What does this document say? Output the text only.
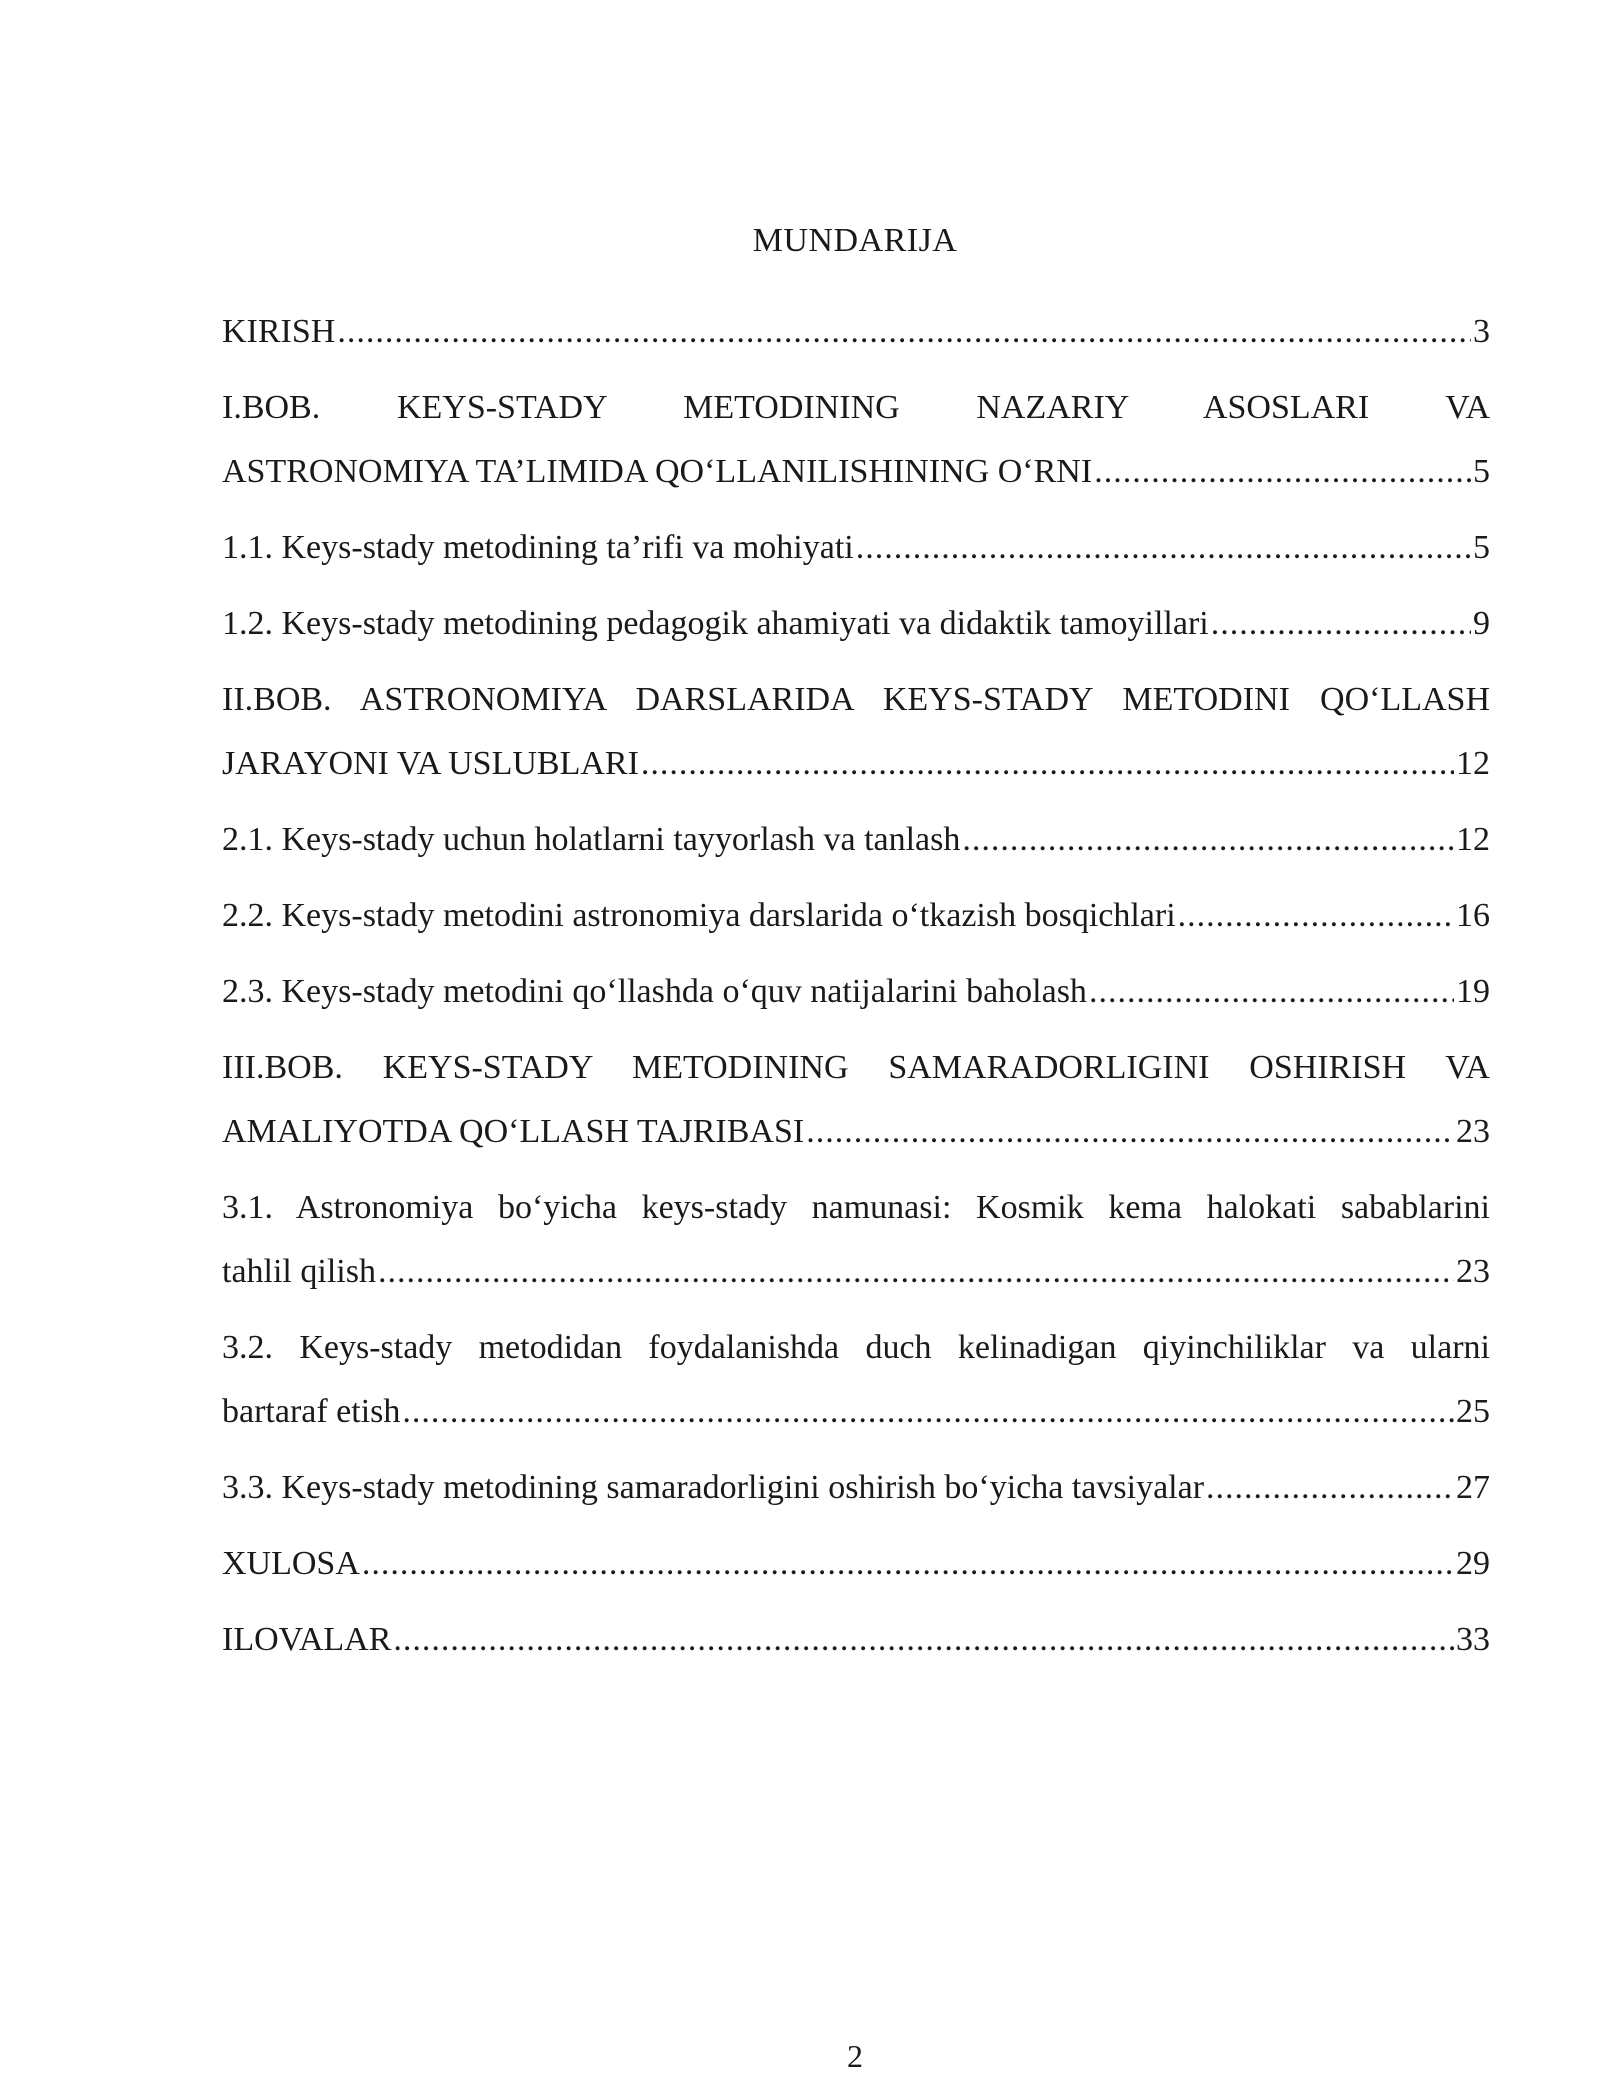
MUNDARIJA
KIRISH .....	3
I.BOB. KEYS-STADY METODINING NAZARIY ASOSLARI VA
ASTRONOMIYA TA’LIMIDA QO‘LLANILISHINING O‘RNI .....	5
1.1. Keys-stady metodining ta’rifi va mohiyati .....	5
1.2. Keys-stady metodining pedagogik ahamiyati va didaktik tamoyillari .....	9
II.BOB. ASTRONOMIYA DARSLARIDA KEYS-STADY METODINI QO‘LLASH
JARAYONI VA USLUBLARI .....	12
2.1. Keys-stady uchun holatlarni tayyorlash va tanlash .....	12
2.2. Keys-stady metodini astronomiya darslarida o‘tkazish bosqichlari .....	16
2.3. Keys-stady metodini qo‘llashda o‘quv natijalarini baholash .....	19
III.BOB. KEYS-STADY METODINING SAMARADORLIGINI OSHIRISH VA
AMALIYOTDA QO‘LLASH TAJRIBASI .....	23
3.1. Astronomiya bo‘yicha keys-stady namunasi: Kosmik kema halokati sabablarini
tahlil qilish .....	23
3.2. Keys-stady metodidan foydalanishda duch kelinadigan qiyinchiliklar va ularni
bartaraf etish .....	25
3.3. Keys-stady metodining samaradorligini oshirish bo‘yicha tavsiyalar .....	27
XULOSA .....	29
ILOVALAR .....	33
2
